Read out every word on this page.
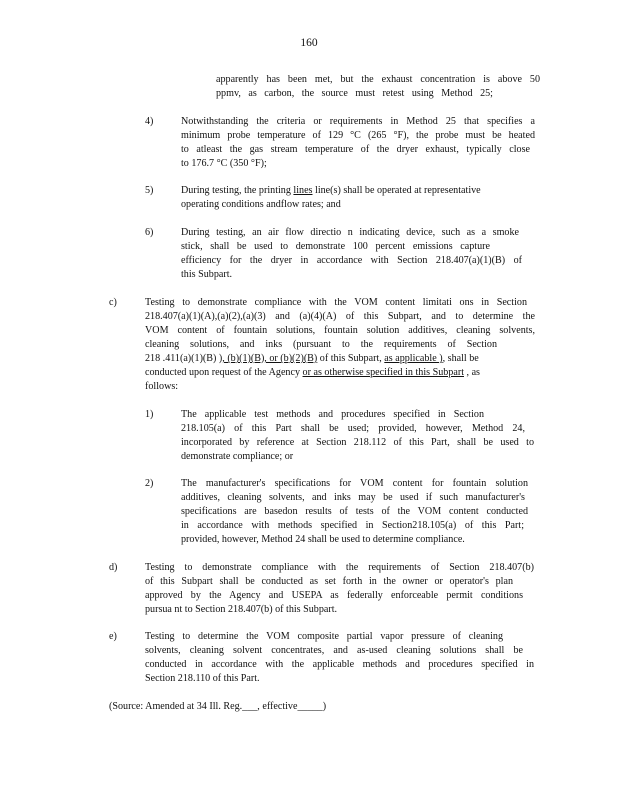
160
apparently has been met, but the exhaust concentration is above 50
ppmv, as carbon, the source must retest using Method 25;
4)	Notwithstanding the criteria or requirements in Method 25 that specifies a
minimum probe temperature of 129 °C (265 °F), the probe must be heated
to atleast the gas stream temperature of the dryer exhaust, typically close
to 176.7 °C (350 °F);
5)	During testing, the printing lines line(s) shall be operated at representative
operating conditions andflow rates; and
6)	During testing, an air flow directio n indicating device, such as a smoke
stick, shall be used to demonstrate 100 percent emissions capture
efficiency for the dryer in accordance with Section 218.407(a)(1)(B) of
this Subpart.
c)	Testing to demonstrate compliance with the VOM content limitati ons in Section
218.407(a)(1)(A),(a)(2),(a)(3) and (a)(4)(A) of this Subpart, and to determine the
VOM content of fountain solutions, fountain solution additives, cleaning solvents,
cleaning solutions, and inks (pursuant to the requirements of Section
218 .411(a)(1)(B) ), (b)(1)(B), or (b)(2)(B) of this Subpart, as applicable ), shall be
conducted upon request of the Agency or as otherwise specified in this Subpart , as
follows:
1)	The applicable test methods and procedures specified in Section
218.105(a) of this Part shall be used; provided, however, Method 24,
incorporated by reference at Section 218.112 of this Part, shall be used to
demonstrate compliance; or
2)	The manufacturer's specifications for VOM content for fountain solution
additives, cleaning solvents, and inks may be used if such manufacturer's
specifications are basedon results of tests of the VOM content conducted
in accordance with methods specified in Section218.105(a) of this Part;
provided, however, Method 24 shall be used to determine compliance.
d)	Testing to demonstrate compliance with the requirements of Section 218.407(b)
of this Subpart shall be conducted as set forth in the owner or operator's plan
approved by the Agency and USEPA as federally enforceable permit conditions
pursua nt to Section 218.407(b) of this Subpart.
e)	Testing to determine the VOM composite partial vapor pressure of cleaning
solvents, cleaning solvent concentrates, and as-used cleaning solutions shall be
conducted in accordance with the applicable methods and procedures specified in
Section 218.110 of this Part.
(Source: Amended at 34 Ill. Reg.___, effective_____)
